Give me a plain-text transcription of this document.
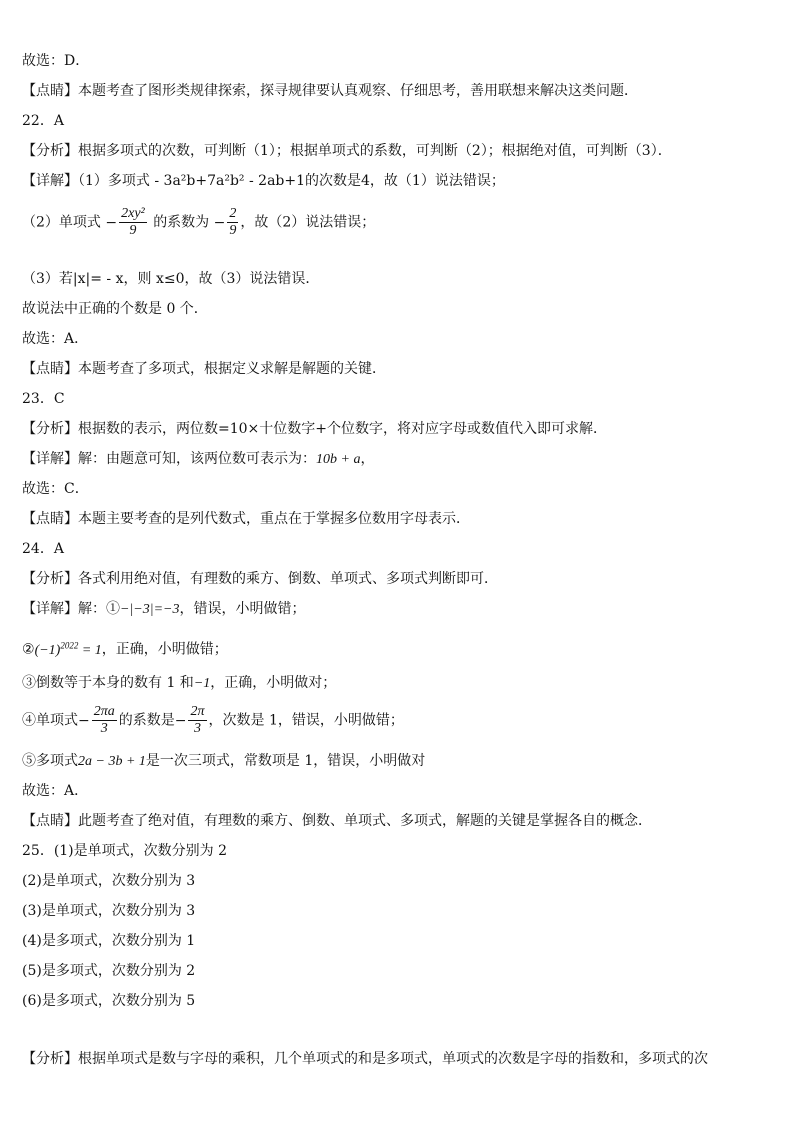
故选：D．
【点睛】本题考查了图形类规律探索，探寻规律要认真观察、仔细思考，善用联想来解决这类问题．
22．A
【分析】根据多项式的次数，可判断（1）；根据单项式的系数，可判断（2）；根据绝对值，可判断（3）．
【详解】（1）多项式 - 3a²b+7a²b² - 2ab+1的次数是4，故（1）说法错误；
（2）单项式 − $\frac{\text{2xy²}}{9}$ 的系数为 − $\frac{2}{9}$ ，故（2）说法错误；
（3）若|x|= - x，则 x≤0，故（3）说法错误．
故说法中正确的个数是 0 个．
故选：A．
【点睛】本题考查了多项式，根据定义求解是解题的关键．
23．C
【分析】根据数的表示，两位数=10×十位数字+个位数字，将对应字母或数值代入即可求解．
【详解】解：由题意可知，该两位数可表示为：10b + a，
故选：C．
【点睛】本题主要考查的是列代数式，重点在于掌握多位数用字母表示．
24．A
【分析】各式利用绝对值，有理数的乘方、倒数、单项式、多项式判断即可．
【详解】解：①−|−3|=−3，错误，小明做错；
$②(-1)^{2022} = 1$，正确，小明做错；
③倒数等于本身的数有 1 和−1，正确，小明做对；
④单项式− $\frac{2\pi a}{3}$ 的系数是− $\frac{2\pi}{3}$ ，次数是 1，错误，小明做错；
⑤多项式2a − 3b + 1是一次三项式，常数项是 1，错误，小明做对
故选：A．
【点睛】此题考查了绝对值，有理数的乘方、倒数、单项式、多项式，解题的关键是掌握各自的概念．
25．(1)是单项式，次数分别为 2
(2)是单项式，次数分别为 3
(3)是单项式，次数分别为 3
(4)是多项式，次数分别为 1
(5)是多项式，次数分别为 2
(6)是多项式，次数分别为 5
【分析】根据单项式是数与字母的乘积，几个单项式的和是多项式，单项式的次数是字母的指数和，多项式的次
